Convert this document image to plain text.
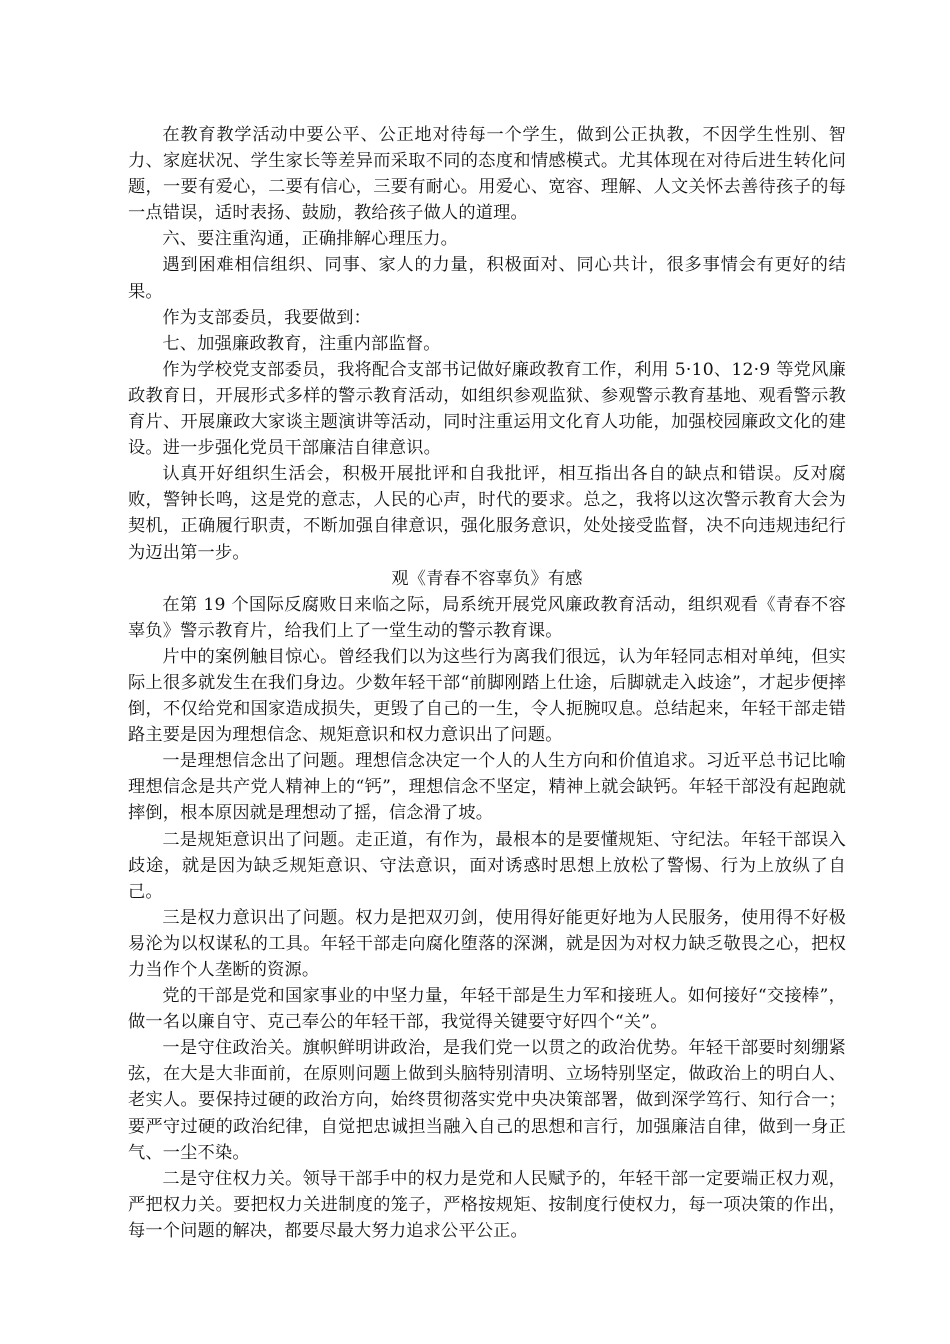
在教育教学活动中要公平、公正地对待每一个学生，做到公正执教，不因学生性别、智力、家庭状况、学生家长等差异而采取不同的态度和情感模式。尤其体现在对待后进生转化问题，一要有爱心，二要有信心，三要有耐心。用爱心、宽容、理解、人文关怀去善待孩子的每一点错误，适时表扬、鼓励，教给孩子做人的道理。

六、要注重沟通，正确排解心理压力。

遇到困难相信组织、同事、家人的力量，积极面对、同心共计，很多事情会有更好的结果。

作为支部委员，我要做到：

七、加强廉政教育，注重内部监督。

作为学校党支部委员，我将配合支部书记做好廉政教育工作，利用 5·10、12·9 等党风廉政教育日，开展形式多样的警示教育活动，如组织参观监狱、参观警示教育基地、观看警示教育片、开展廉政大家谈主题演讲等活动，同时注重运用文化育人功能，加强校园廉政文化的建设。进一步强化党员干部廉洁自律意识。

认真开好组织生活会，积极开展批评和自我批评，相互指出各自的缺点和错误。反对腐败，警钟长鸣，这是党的意志，人民的心声，时代的要求。总之，我将以这次警示教育大会为契机，正确履行职责，不断加强自律意识，强化服务意识，处处接受监督，决不向违规违纪行为迈出第一步。

观《青春不容辜负》有感

在第 19 个国际反腐败日来临之际，局系统开展党风廉政教育活动，组织观看《青春不容辜负》警示教育片，给我们上了一堂生动的警示教育课。

片中的案例触目惊心。曾经我们以为这些行为离我们很远，认为年轻同志相对单纯，但实际上很多就发生在我们身边。少数年轻干部“前脚刚踏上仕途，后脚就走入歧途”，才起步便摔倒，不仅给党和国家造成损失，更毁了自己的一生，令人扼腕叹息。总结起来，年轻干部走错路主要是因为理想信念、规矩意识和权力意识出了问题。

一是理想信念出了问题。理想信念决定一个人的人生方向和价值追求。习近平总书记比喻理想信念是共产党人精神上的“钙”，理想信念不坚定，精神上就会缺钙。年轻干部没有起跑就摔倒，根本原因就是理想动了摇，信念滑了坡。

二是规矩意识出了问题。走正道，有作为，最根本的是要懂规矩、守纪法。年轻干部误入歧途，就是因为缺乏规矩意识、守法意识，面对诱惑时思想上放松了警惕、行为上放纵了自己。

三是权力意识出了问题。权力是把双刃剑，使用得好能更好地为人民服务，使用得不好极易沦为以权谋私的工具。年轻干部走向腐化堕落的深渊，就是因为对权力缺乏敬畏之心，把权力当作个人垄断的资源。

党的干部是党和国家事业的中坚力量，年轻干部是生力军和接班人。如何接好“交接棒”，做一名以廉自守、克己奉公的年轻干部，我觉得关键要守好四个“关”。

一是守住政治关。旗帜鲜明讲政治，是我们党一以贯之的政治优势。年轻干部要时刻绷紧弦，在大是大非面前，在原则问题上做到头脑特别清明、立场特别坚定，做政治上的明白人、老实人。要保持过硬的政治方向，始终贯彻落实党中央决策部署，做到深学笃行、知行合一；要严守过硬的政治纪律，自觉把忠诚担当融入自己的思想和言行，加强廉洁自律，做到一身正气、一尘不染。

二是守住权力关。领导干部手中的权力是党和人民赋予的，年轻干部一定要端正权力观，严把权力关。要把权力关进制度的笼子，严格按规矩、按制度行使权力，每一项决策的作出，每一个问题的解决，都要尽最大努力追求公平公正。
